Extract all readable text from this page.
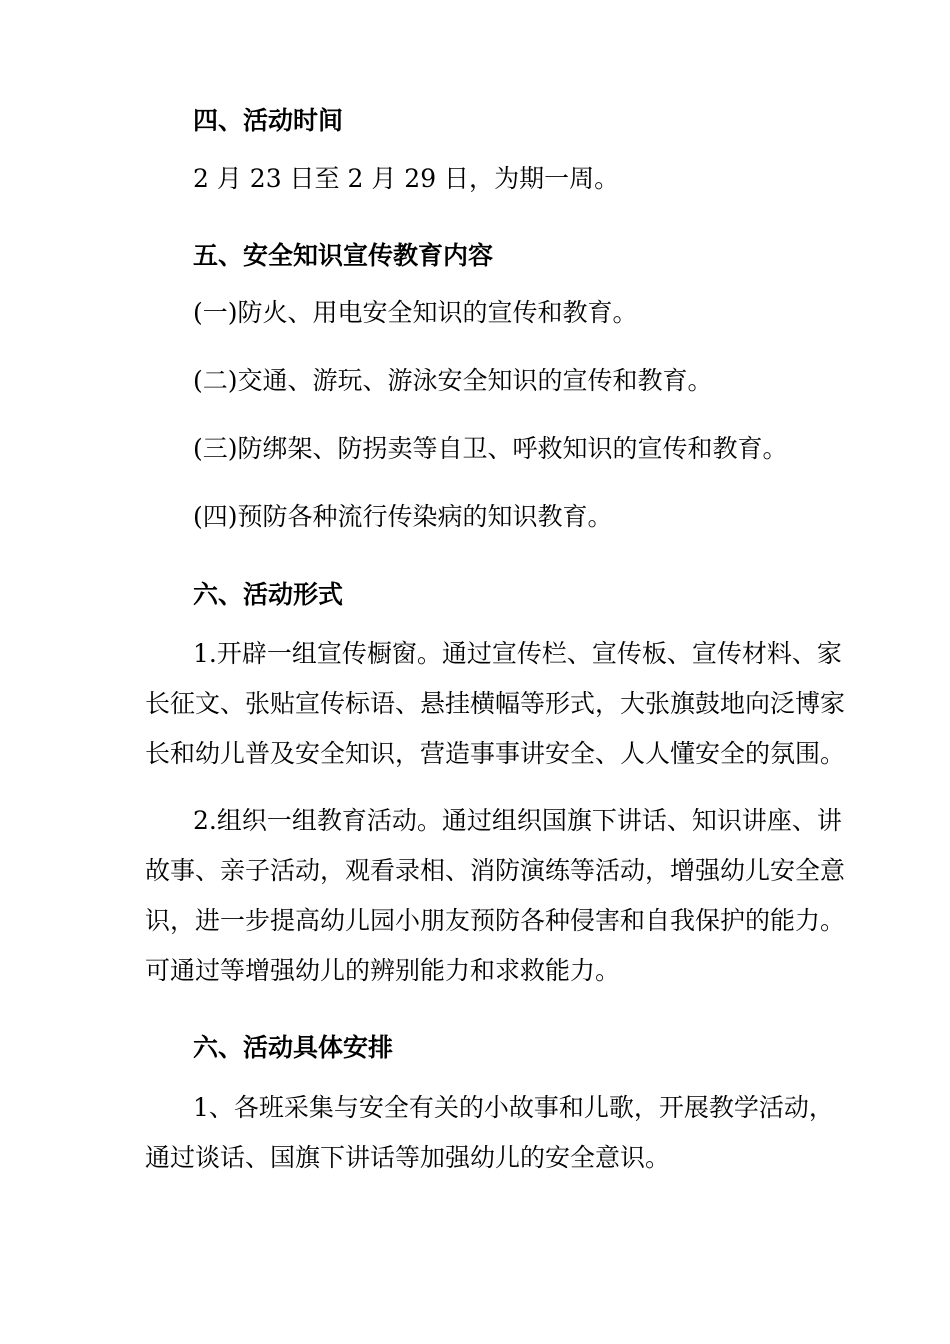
四、活动时间
2 月 23 日至 2 月 29 日，为期一周。
五、安全知识宣传教育内容
(一)防火、用电安全知识的宣传和教育。
(二)交通、游玩、游泳安全知识的宣传和教育。
(三)防绑架、防拐卖等自卫、呼救知识的宣传和教育。
(四)预防各种流行传染病的知识教育。
六、活动形式
1.开辟一组宣传橱窗。通过宣传栏、宣传板、宣传材料、家
长征文、张贴宣传标语、悬挂横幅等形式，大张旗鼓地向泛博家
长和幼儿普及安全知识，营造事事讲安全、人人懂安全的氛围。
2.组织一组教育活动。通过组织国旗下讲话、知识讲座、讲
故事、亲子活动，观看录相、消防演练等活动，增强幼儿安全意
识，进一步提高幼儿园小朋友预防各种侵害和自我保护的能力。
可通过等增强幼儿的辨别能力和求救能力。
六、活动具体安排
1、各班采集与安全有关的小故事和儿歌，开展教学活动，
通过谈话、国旗下讲话等加强幼儿的安全意识。
